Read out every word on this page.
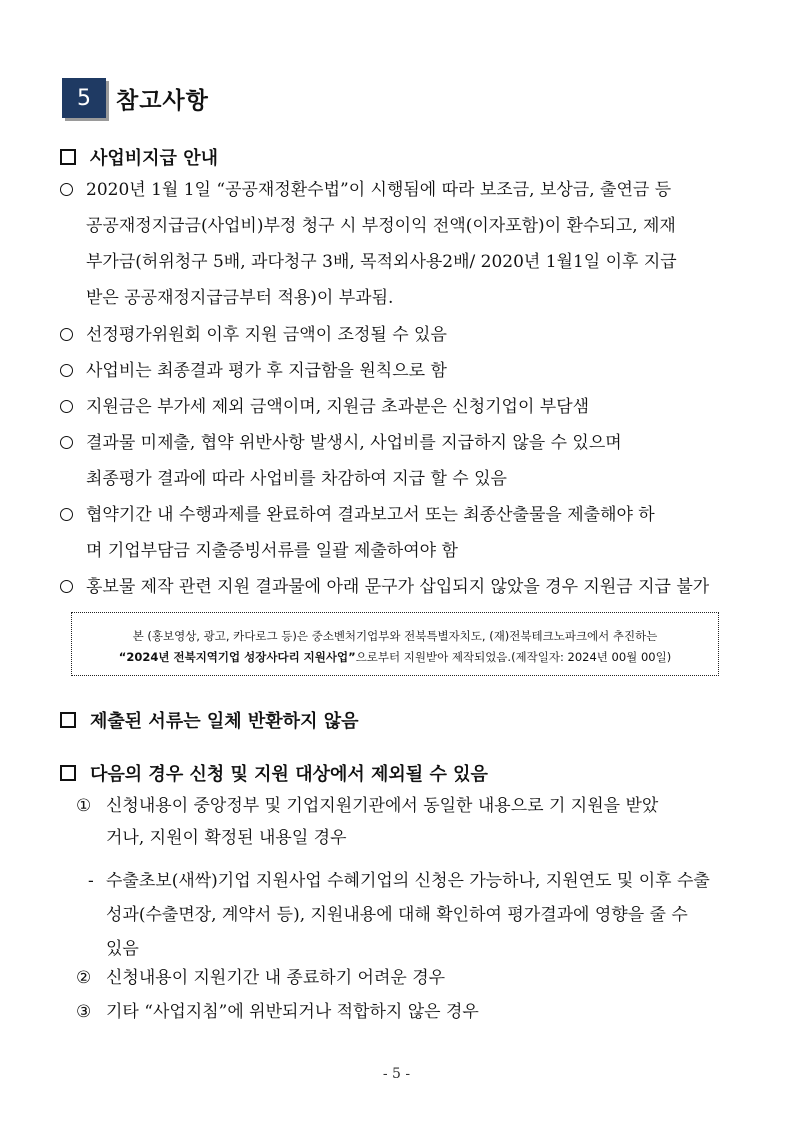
5	참고사항
사업비지급 안내
2020년 1월 1일 “공공재정환수법”이 시행됨에 따라 보조금, 보상금, 출연금 등
공공재정지급금(사업비)부정 청구 시 부정이익 전액(이자포함)이 환수되고, 제재
부가금(허위청구 5배, 과다청구 3배, 목적외사용2배/ 2020년 1월1일 이후 지급
받은 공공재정지급금부터 적용)이 부과됨.
선정평가위원회 이후 지원 금액이 조정될 수 있음
사업비는 최종결과 평가 후 지급함을 원칙으로 함
지원금은 부가세 제외 금액이며, 지원금 초과분은 신청기업이 부담샘
결과물 미제출, 협약 위반사항 발생시, 사업비를 지급하지 않을 수 있으며
최종평가 결과에 따라 사업비를 차감하여 지급 할 수 있음
협약기간 내 수행과제를 완료하여 결과보고서 또는 최종산출물을 제출해야 하
며 기업부담금 지출증빙서류를 일괄 제출하여야 함
홍보물 제작 관련 지원 결과물에 아래 문구가 삽입되지 않았을 경우 지원금 지급 불가
본 (홍보영상, 광고, 카다로그 등)은 중소벤처기업부와 전북특별자치도, (재)전북테크노파크에서 추진하는
“2024년 전북지역기업 성장사다리 지원사업”으로부터 지원받아 제작되었음.(제작일자: 2024년 00월 00일)
제출된 서류는 일체 반환하지 않음
다음의 경우 신청 및 지원 대상에서 제외될 수 있음
① 신청내용이 중앙정부 및 기업지원기관에서 동일한 내용으로 기 지원을 받았
거나, 지원이 확정된 내용일 경우
- 수출초보(새싹)기업 지원사업 수혜기업의 신청은 가능하나, 지원연도 및 이후 수출
성과(수출면장, 계약서 등), 지원내용에 대해 확인하여 평가결과에 영향을 줄 수
있음
② 신청내용이 지원기간 내 종료하기 어려운 경우
③ 기타 “사업지침”에 위반되거나 적합하지 않은 경우
- 5 -
